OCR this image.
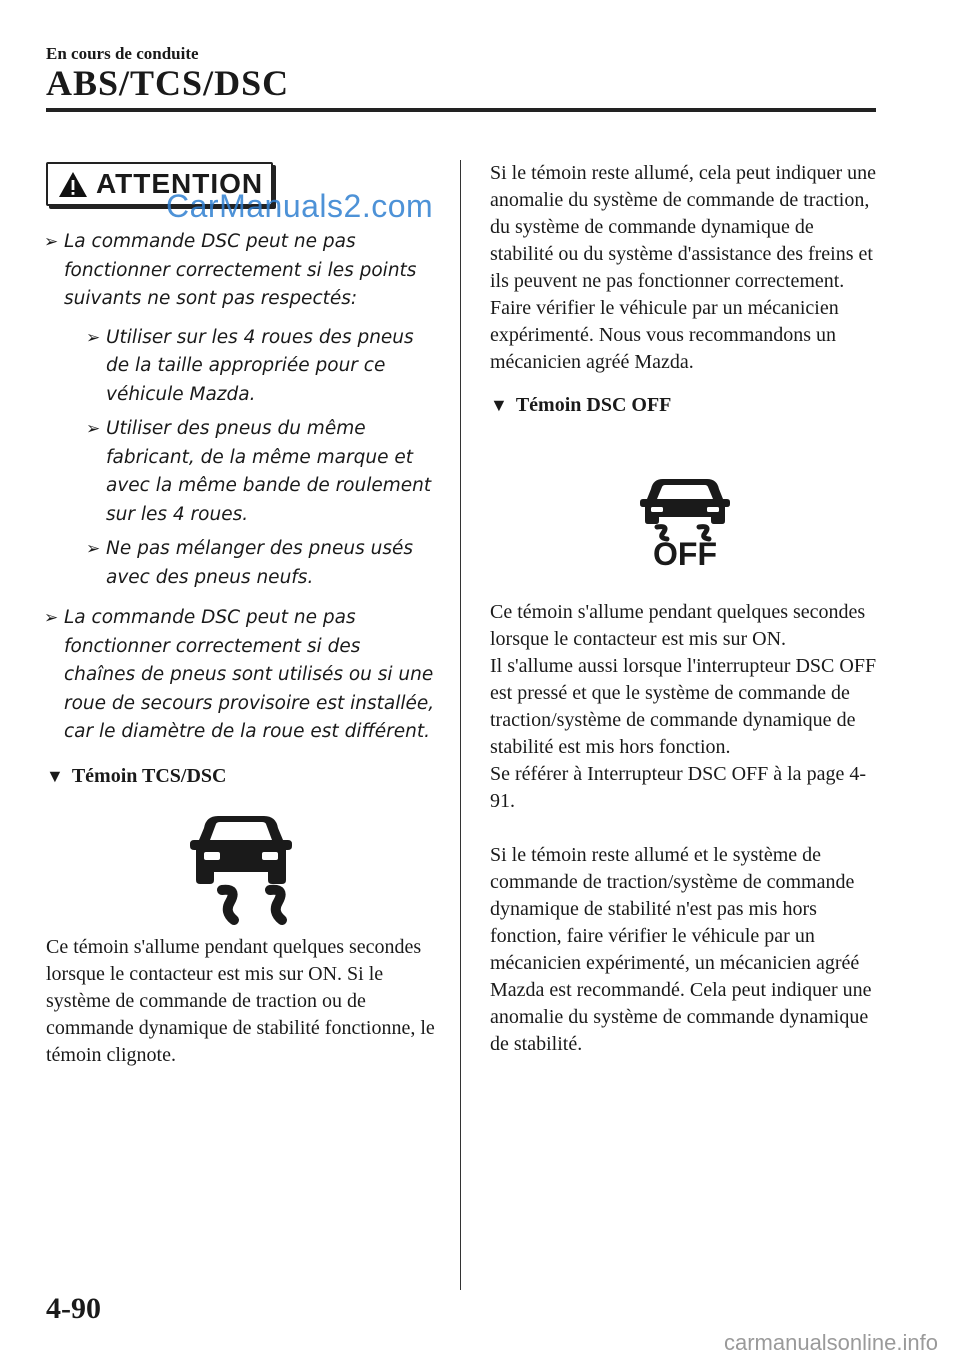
En cours de conduite
ABS/TCS/DSC
ATTENTION
➢ La commande DSC peut ne pas fonctionner correctement si les points suivants ne sont pas respectés:
➢ Utiliser sur les 4 roues des pneus de la taille appropriée pour ce véhicule Mazda.
➢ Utiliser des pneus du même fabricant, de la même marque et avec la même bande de roulement sur les 4 roues.
➢ Ne pas mélanger des pneus usés avec des pneus neufs.
➢ La commande DSC peut ne pas fonctionner correctement si des chaînes de pneus sont utilisés ou si une roue de secours provisoire est installée, car le diamètre de la roue est différent.
▼ Témoin TCS/DSC

Ce témoin s'allume pendant quelques secondes lorsque le contacteur est mis sur ON. Si le système de commande de traction ou de commande dynamique de stabilité fonctionne, le témoin clignote.

Si le témoin reste allumé, cela peut indiquer une anomalie du système de commande de traction, du système de commande dynamique de stabilité ou du système d'assistance des freins et ils peuvent ne pas fonctionner correctement. Faire vérifier le véhicule par un mécanicien expérimenté. Nous vous recommandons un mécanicien agréé Mazda.

▼ Témoin DSC OFF
OFF

Ce témoin s'allume pendant quelques secondes lorsque le contacteur est mis sur ON.

Il s'allume aussi lorsque l'interrupteur DSC OFF est pressé et que le système de commande de traction/système de commande dynamique de stabilité est mis hors fonction.

Se référer à Interrupteur DSC OFF à la page 4-91.

Si le témoin reste allumé et le système de commande de traction/système de commande dynamique de stabilité n'est pas mis hors fonction, faire vérifier le véhicule par un mécanicien expérimenté, un mécanicien agréé Mazda est recommandé. Cela peut indiquer une anomalie du système de commande dynamique de stabilité.

CarManuals2.com
4-90
carmanualsonline.info
